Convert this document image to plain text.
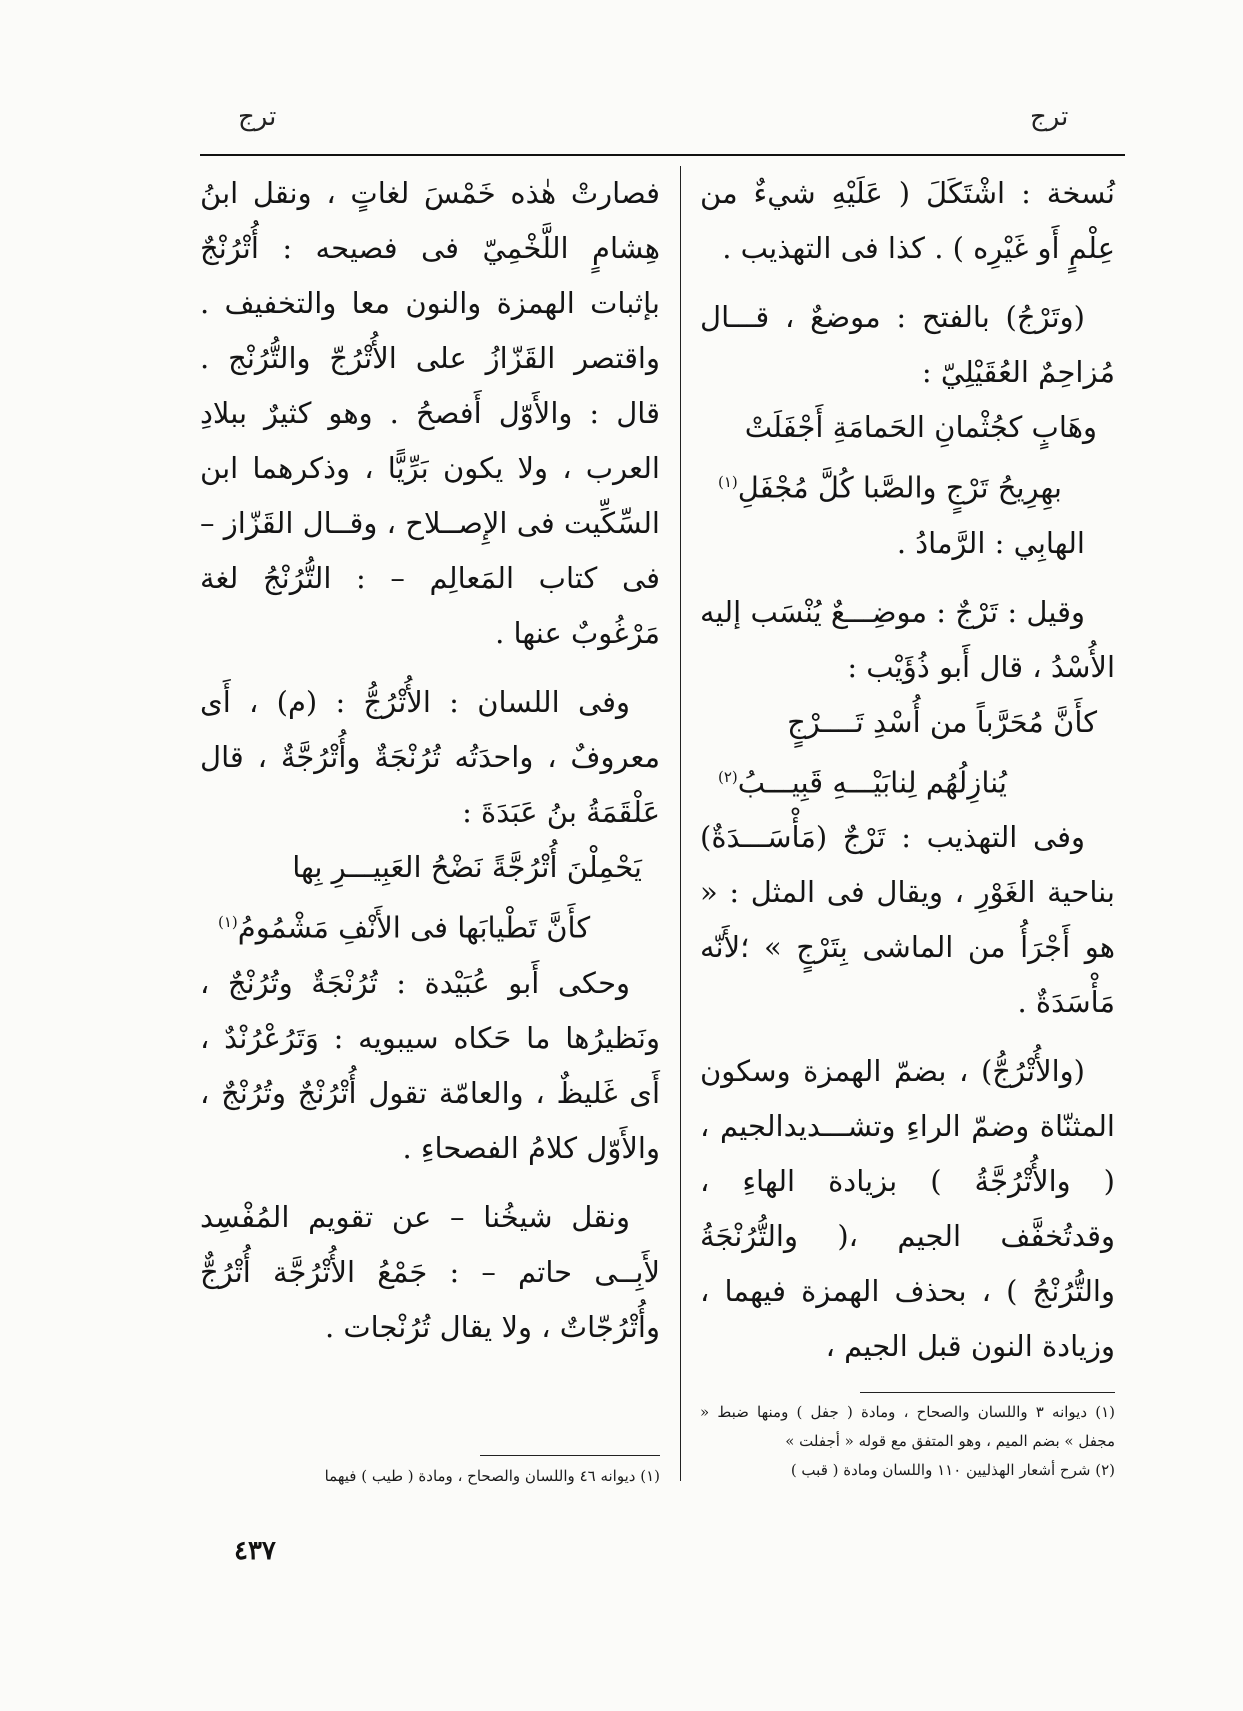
ترج	ترج

نُسخة : اشْتَكَلَ ( عَلَيْهِ شيءٌ من عِلْمٍ أَو غَيْرِه ) . كذا فى التهذيب .

(وتَرْجُ) بالفتح : موضعٌ ، قـــال مُزاحِمٌ العُقَيْلِيّ :

وهَابٍ كجُثْمانِ الحَمامَةِ أَجْفَلَتْ

بهِرِيحُ تَرْجٍ والصَّبا كُلَّ مُجْفَلِ$^{(١)}$

الهابِي : الرَّمادُ .

وقيل : تَرْجٌ : موضِـــعٌ يُنْسَب إليه الأُسْدُ ، قال أَبو ذُؤَيْب :

كأَنَّ مُحَرَّباً من أُسْدِ تَــــرْجٍ

يُنازِلُهُم لِنابَيْـــهِ قَبِيـــبُ$^{(٢)}$

وفى التهذيب : تَرْجٌ (مَأْسَـــدَةٌ) بناحية الغَوْرِ ، ويقال فى المثل : « هو أَجْرَأُ من الماشى بِتَرْجٍ » ؛لأَنّه مَأْسَدَةٌ .

(والأُتْرُجُّ) ، بضمّ الهمزة وسكون المثنّاة وضمّ الراءِ وتشـــديدالجيم ، ( والأُتْرُجَّةُ ) بزيادة الهاءِ ، وقدتُخفَّف الجيم ،( والتُّرُنْجَةُ والتُّرُنْجُ ) ، بحذف الهمزة فيهما ، وزيادة النون قبل الجيم ،

(١) ديوانه ٣ واللسان والصحاح ، ومادة ( جفل ) ومنها ضبط « مجفل » بضم الميم ، وهو المتفق مع قوله « أجفلت »

(٢) شرح أشعار الهذليين ١١٠ واللسان ومادة ( قبب )

فصارتْ هٰذه خَمْسَ لغاتٍ ، ونقل ابنُ هِشامٍ اللَّخْمِيّ فى فصيحه : أُتْرُنْجٌ بإثبات الهمزة والنون معا والتخفيف . واقتصر القَزّازُ على الأُتْرُجّ والتُّرُنْج . قال : والأَوّل أَفصحُ . وهو كثيرٌ ببلادِ العرب ، ولا يكون بَرِّيًّا ، وذكرهما ابن السِّكِّيت فى الإِصــلاح ، وقــال القَزّاز – فى كتاب المَعالِم – : التُّرُنْجُ لغة مَرْغُوبٌ عنها .

وفى اللسان : الأُتْرُجُّ : (م) ، أَى معروفٌ ، واحدَتُه تُرُنْجَةٌ وأُتْرُجَّةٌ ، قال عَلْقَمَةُ بنُ عَبَدَةَ :

يَحْمِلْنَ أُتْرُجَّةً نَضْحُ العَبِيـــرِ بِها

كأَنَّ تَطْيابَها فى الأَنْفِ مَشْمُومُ$^{(١)}$

وحكى أَبو عُبَيْدة : تُرُنْجَةٌ وتُرُنْجٌ ، ونَظيرُها ما حَكاه سيبويه : وَتَرُعْرُنْدٌ ، أَى غَليظٌ ، والعامّة تقول أُتْرُنْجٌ وتُرُنْجٌ ، والأَوّل كلامُ الفصحاءِ .

ونقل شيخُنا – عن تقويم المُفْسِد لأَبِــى حاتم – : جَمْعُ الأُتْرُجَّة أُتْرُجٌّ وأُتْرُجّاتٌ ، ولا يقال تُرُنْجات .

(١) ديوانه ٤٦ واللسان والصحاح ، ومادة ( طيب ) فيهما

٤٣٧
